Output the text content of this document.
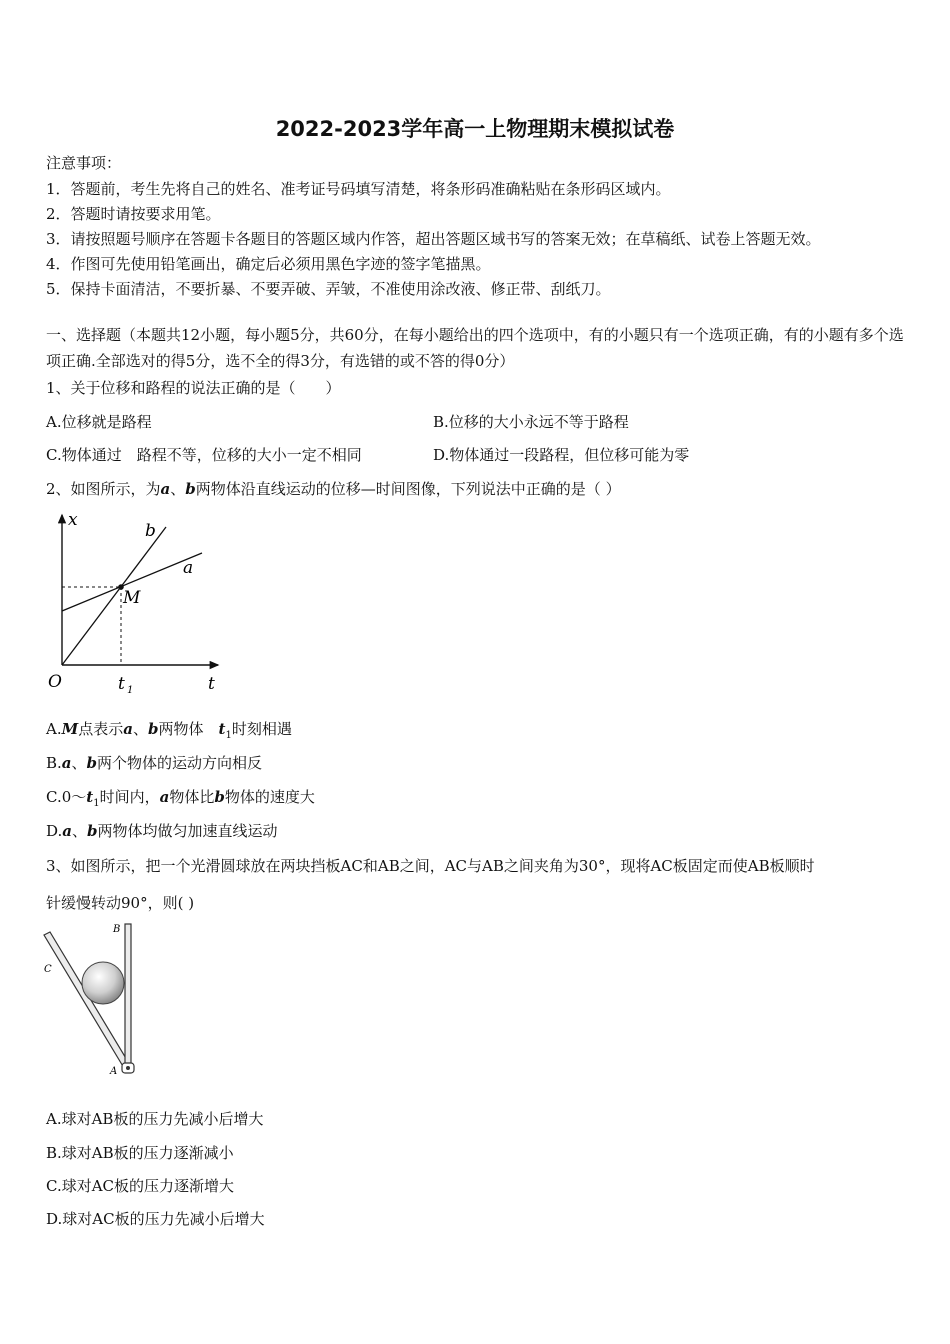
2022-2023学年高一上物理期末模拟试卷
注意事项：
1．答题前，考生先将自己的姓名、准考证号码填写清楚，将条形码准确粘贴在条形码区域内。
2．答题时请按要求用笔。
3．请按照题号顺序在答题卡各题目的答题区域内作答，超出答题区域书写的答案无效；在草稿纸、试卷上答题无效。
4．作图可先使用铅笔画出，确定后必须用黑色字迹的签字笔描黑。
5．保持卡面清洁，不要折暴、不要弄破、弄皱，不准使用涂改液、修正带、刮纸刀。
一、选择题（本题共12小题，每小题5分，共60分，在每小题给出的四个选项中，有的小题只有一个选项正确，有的小题有多个选项正确.全部选对的得5分，选不全的得3分，有选错的或不答的得0分）
1、关于位移和路程的说法正确的是（　　）
A.位移就是路程	B.位移的大小永远不等于路程
C.物体通过　路程不等，位移的大小一定不相同	D.物体通过一段路程，但位移可能为零
2、如图所示，为a、b两物体沿直线运动的位移—时间图像，下列说法中正确的是（ ）
x
t
O	t 1
M
a
b
A.M点表示a、b两物体　$t_1$时刻相遇
B.a、b两个物体的运动方向相反
$C.0\sim t_1$时间内，a物体比b物体的速度大
D.a、b两物体均做匀加速直线运动
3、如图所示，把一个光滑圆球放在两块挡板AC和AB之间，AC与AB之间夹角为30°，现将AC板固定而使AB板顺时
针缓慢转动90°，则( )
B
C
A
A.球对AB板的压力先减小后增大
B.球对AB板的压力逐渐减小
C.球对AC板的压力逐渐增大
D.球对AC板的压力先减小后增大
